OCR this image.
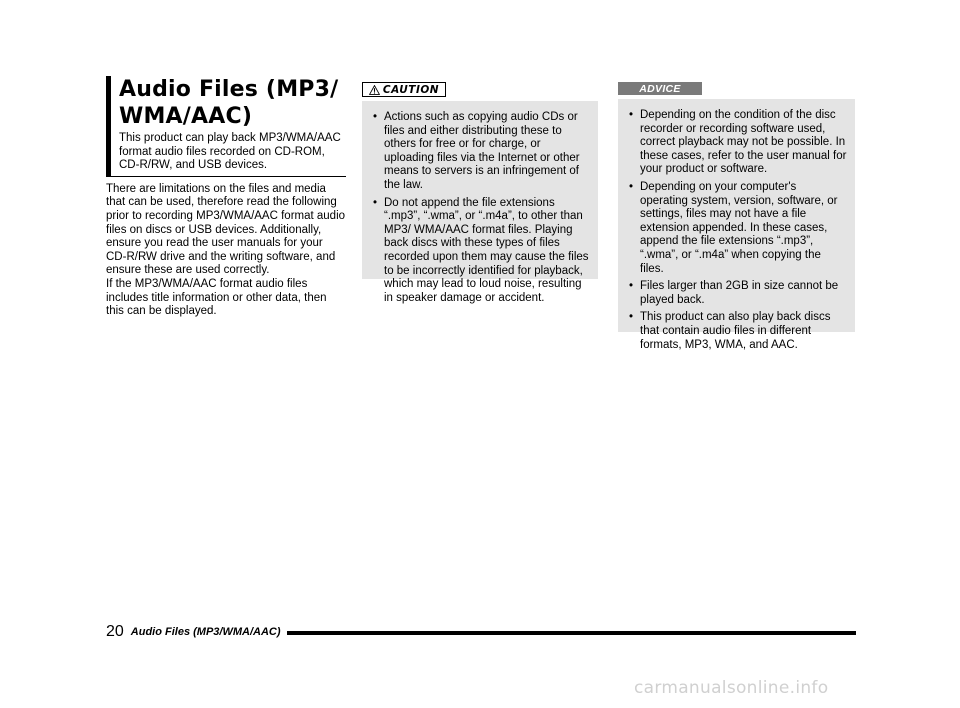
Audio Files (MP3/
WMA/AAC)

This product can play back MP3/WMA/AAC format audio files recorded on CD-ROM, CD-R/RW, and USB devices.

There are limitations on the files and media that can be used, therefore read the following prior to recording MP3/WMA/AAC format audio files on discs or USB devices. Additionally, ensure you read the user manuals for your CD-R/RW drive and the writing software, and ensure these are used correctly.

If the MP3/WMA/AAC format audio files includes title information or other data, then this can be displayed.

CAUTION
• Actions such as copying audio CDs or files and either distributing these to others for free or for charge, or uploading files via the Internet or other means to servers is an infringement of the law.
• Do not append the file extensions “.mp3”, “.wma”, or “.m4a”, to other than MP3/ WMA/AAC format files. Playing back discs with these types of files recorded upon them may cause the files to be incorrectly identified for playback, which may lead to loud noise, resulting in speaker damage or accident.
ADVICE
• Depending on the condition of the disc recorder or recording software used, correct playback may not be possible. In these cases, refer to the user manual for your product or software.
• Depending on your computer's operating system, version, software, or settings, files may not have a file extension appended. In these cases, append the file extensions “.mp3”, “.wma”, or “.m4a” when copying the files.
• Files larger than 2GB in size cannot be played back.
• This product can also play back discs that contain audio files in different formats, MP3, WMA, and AAC.
20 Audio Files (MP3/WMA/AAC)
carmanualsonline.info
